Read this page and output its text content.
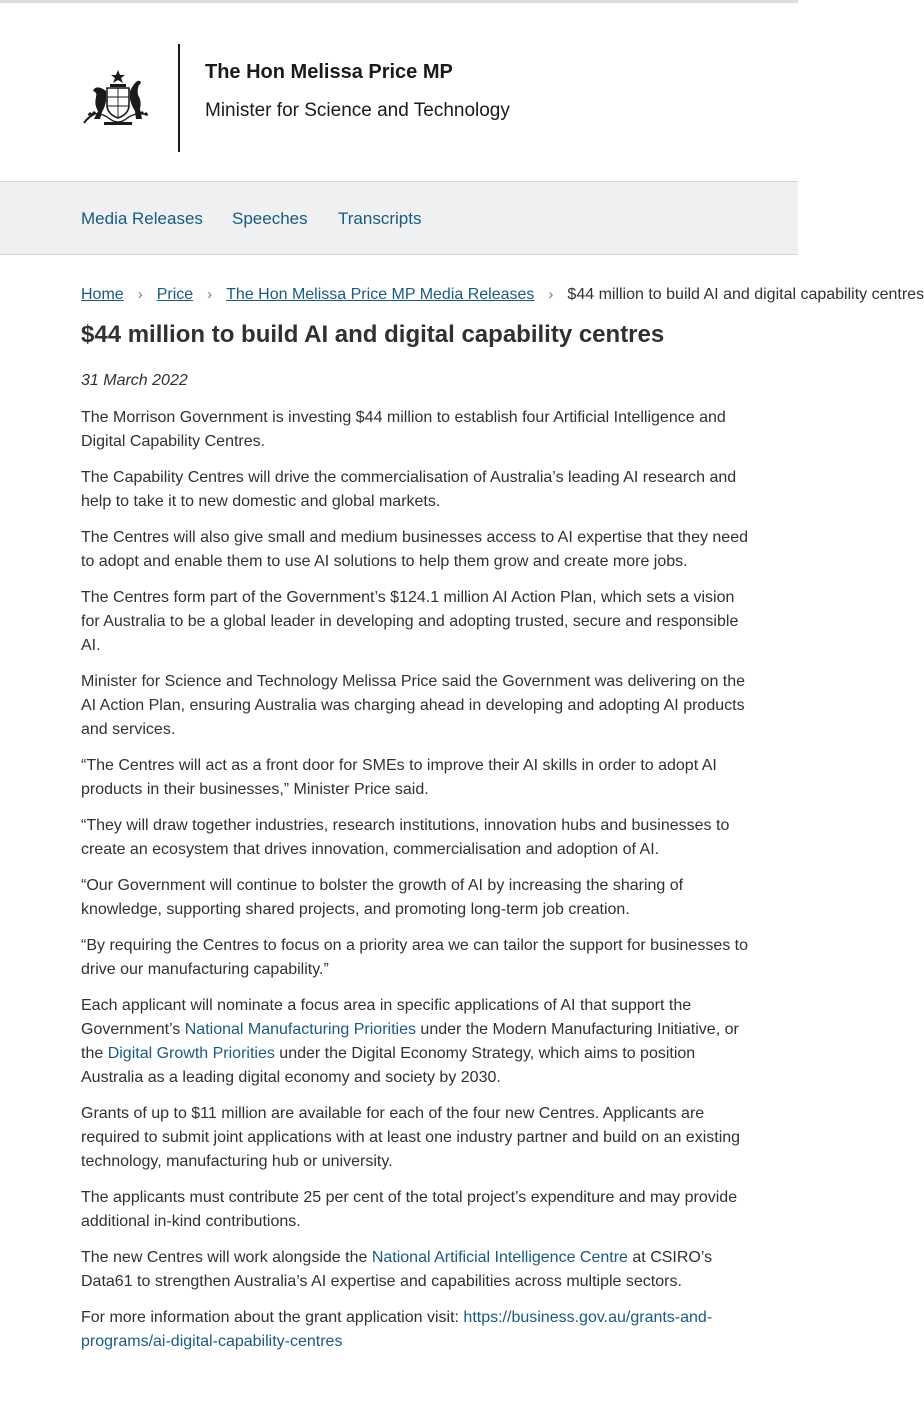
The Hon Melissa Price MP
Minister for Science and Technology
Media Releases Speeches Transcripts
Home › Price › The Hon Melissa Price MP Media Releases › $44 million to build AI and digital capability centres
$44 million to build AI and digital capability centres
31 March 2022

The Morrison Government is investing $44 million to establish four Artificial Intelligence and Digital Capability Centres.

The Capability Centres will drive the commercialisation of Australia’s leading AI research and help to take it to new domestic and global markets.

The Centres will also give small and medium businesses access to AI expertise that they need to adopt and enable them to use AI solutions to help them grow and create more jobs.

The Centres form part of the Government’s $124.1 million AI Action Plan, which sets a vision for Australia to be a global leader in developing and adopting trusted, secure and responsible AI.

Minister for Science and Technology Melissa Price said the Government was delivering on the AI Action Plan, ensuring Australia was charging ahead in developing and adopting AI products and services.

“The Centres will act as a front door for SMEs to improve their AI skills in order to adopt AI products in their businesses,” Minister Price said.

“They will draw together industries, research institutions, innovation hubs and businesses to create an ecosystem that drives innovation, commercialisation and adoption of AI.

“Our Government will continue to bolster the growth of AI by increasing the sharing of knowledge, supporting shared projects, and promoting long-term job creation.

“By requiring the Centres to focus on a priority area we can tailor the support for businesses to drive our manufacturing capability.”

Each applicant will nominate a focus area in specific applications of AI that support the Government’s National Manufacturing Priorities under the Modern Manufacturing Initiative, or the Digital Growth Priorities under the Digital Economy Strategy, which aims to position Australia as a leading digital economy and society by 2030.

Grants of up to $11 million are available for each of the four new Centres. Applicants are required to submit joint applications with at least one industry partner and build on an existing technology, manufacturing hub or university.

The applicants must contribute 25 per cent of the total project’s expenditure and may provide additional in-kind contributions.

The new Centres will work alongside the National Artificial Intelligence Centre at CSIRO’s Data61 to strengthen Australia’s AI expertise and capabilities across multiple sectors.

For more information about the grant application visit: https://business.gov.au/grants-and-programs/ai-digital-capability-centres
